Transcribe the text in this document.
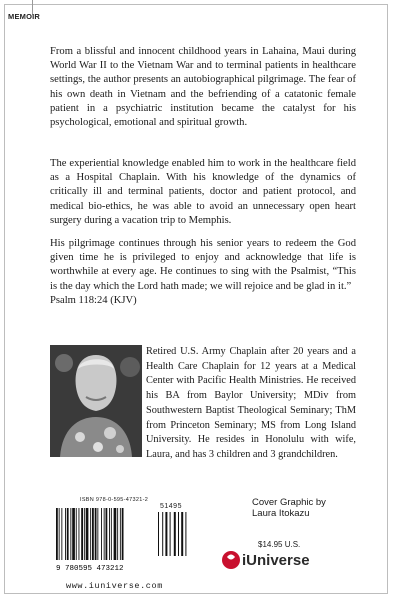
MEMOIR

From a blissful and innocent childhood years in Lahaina, Maui during World War II to the Vietnam War and to terminal patients in healthcare settings, the author presents an autobiographical pilgrimage. The fear of his own death in Vietnam and the befriending of a catatonic female patient in a psychiatric institution became the catalyst for his psychological, emotional and spiritual growth.

The experiential knowledge enabled him to work in the healthcare field as a Hospital Chaplain. With his knowledge of the dynamics of critically ill and terminal patients, doctor and patient protocol, and medical bio-ethics, he was able to avoid an unnecessary open heart surgery during a vacation trip to Memphis.

His pilgrimage continues through his senior years to redeem the God given time he is privileged to enjoy and acknowledge that life is worthwhile at every age. He continues to sing with the Psalmist, “This is the day which the Lord hath made; we will rejoice and be glad in it.”
Psalm 118:24 (KJV)
Retired U.S. Army Chaplain after 20 years and a Health Care Chaplain for 12 years at a Medical Center with Pacific Health Ministries. He received his BA from Baylor University; MDiv from Southwestern Baptist Theological Seminary; ThM from Princeton Seminary; MS from Long Island University. He resides in Honolulu with wife, Laura, and has 3 children and 3 grandchildren.
9 780595 473212
ISBN 978-0-595-47321-2
51495
www.iuniverse.com
Cover Graphic by
Laura Itokazu
$14.95 U.S.
iUniverse
